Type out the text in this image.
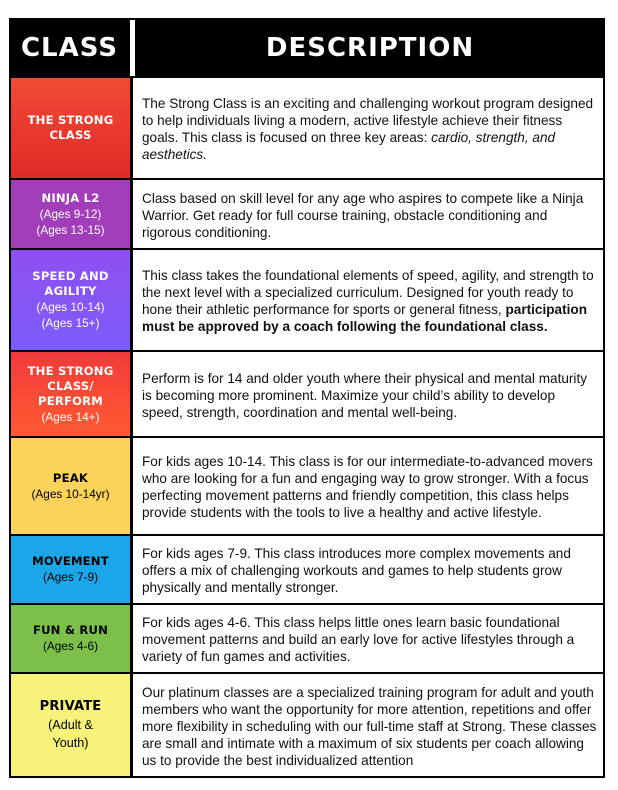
CLASS	DESCRIPTION
THE STRONG CLASS
The Strong Class is an exciting and challenging workout program designed to help individuals living a modern, active lifestyle achieve their fitness goals. This class is focused on three key areas: cardio, strength, and aesthetics.
NINJA L2
(Ages 9-12)
(Ages 13-15)
Class based on skill level for any age who aspires to compete like a Ninja Warrior. Get ready for full course training, obstacle conditioning and rigorous conditioning.
SPEED AND AGILITY
(Ages 10-14)
(Ages 15+)
This class takes the foundational elements of speed, agility, and strength to the next level with a specialized curriculum. Designed for youth ready to hone their athletic performance for sports or general fitness, participation must be approved by a coach following the foundational class.
THE STRONG CLASS/ PERFORM
(Ages 14+)
Perform is for 14 and older youth where their physical and mental maturity is becoming more prominent. Maximize your child’s ability to develop speed, strength, coordination and mental well-being.
PEAK
(Ages 10-14yr)
For kids ages 10-14. This class is for our intermediate-to-advanced movers who are looking for a fun and engaging way to grow stronger. With a focus perfecting movement patterns and friendly competition, this class helps provide students with the tools to live a healthy and active lifestyle.
MOVEMENT
(Ages 7-9)
For kids ages 7-9. This class introduces more complex movements and offers a mix of challenging workouts and games to help students grow physically and mentally stronger.
FUN & RUN
(Ages 4-6)
For kids ages 4-6. This class helps little ones learn basic foundational movement patterns and build an early love for active lifestyles through a variety of fun games and activities.
PRIVATE
(Adult &
Youth)
Our platinum classes are a specialized training program for adult and youth members who want the opportunity for more attention, repetitions and offer more flexibility in scheduling with our full-time staff at Strong. These classes are small and intimate with a maximum of six students per coach allowing us to provide the best individualized attention
